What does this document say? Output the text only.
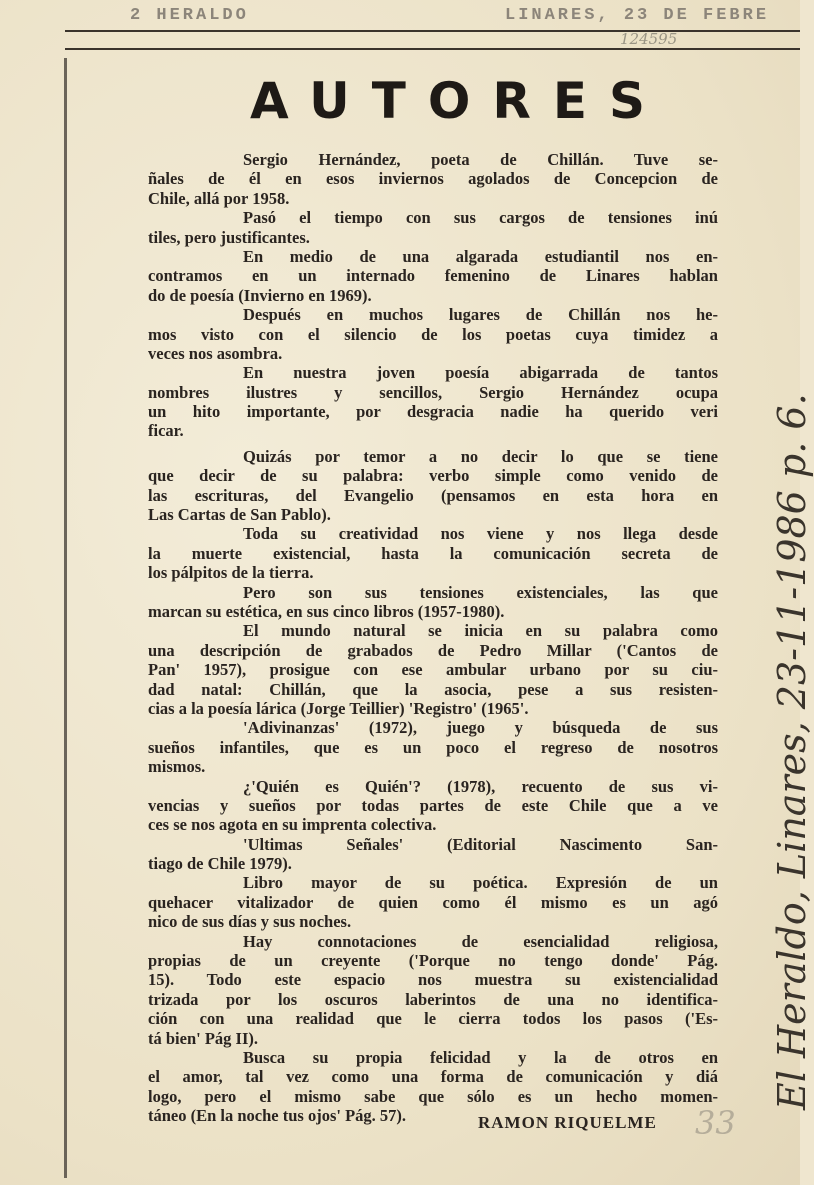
2 HERALDO	LINARES, 23 DE FEBRE
124595
AUTORES
Sergio Hernández, poeta de Chillán. Tuve se-
ñales de él en esos inviernos agolados de Concepcion de
Chile, allá por 1958.
Pasó el tiempo con sus cargos de tensiones inú
tiles, pero justificantes.
En medio de una algarada estudiantil nos en-
contramos en un internado femenino de Linares hablan
do de poesía (Invierno en 1969).
Después en muchos lugares de Chillán nos he-
mos visto con el silencio de los poetas cuya timidez a
veces nos asombra.
En nuestra joven poesía abigarrada de tantos
nombres ilustres y sencillos, Sergio Hernández ocupa
un hito importante, por desgracia nadie ha querido veri
ficar.
Quizás por temor a no decir lo que se tiene
que decir de su palabra: verbo simple como venido de
las escrituras, del Evangelio (pensamos en esta hora en
Las Cartas de San Pablo).
Toda su creatividad nos viene y nos llega desde
la muerte existencial, hasta la comunicación secreta de
los pálpitos de la tierra.
Pero son sus tensiones existenciales, las que
marcan su estética, en sus cinco libros (1957-1980).
El mundo natural se inicia en su palabra como
una descripción de grabados de Pedro Millar ('Cantos de
Pan' 1957), prosigue con ese ambular urbano por su ciu-
dad natal: Chillán, que la asocia, pese a sus resisten-
cias a la poesía lárica (Jorge Teillier) 'Registro' (1965'.
'Adivinanzas' (1972), juego y búsqueda de sus
sueños infantiles, que es un poco el regreso de nosotros
mismos.
¿'Quién es Quién'? (1978), recuento de sus vi-
vencias y sueños por todas partes de este Chile que a ve
ces se nos agota en su imprenta colectiva.
'Ultimas Señales' (Editorial Nascimento San-
tiago de Chile 1979).
Libro mayor de su poética. Expresión de un
quehacer vitalizador de quien como él mismo es un agó
nico de sus días y sus noches.
Hay connotaciones de esencialidad religiosa,
propias de un creyente ('Porque no tengo donde' Pág.
15). Todo este espacio nos muestra su existencialidad
trizada por los oscuros laberintos de una no identifica-
ción con una realidad que le cierra todos los pasos ('Es-
tá bien' Pág II).
Busca su propia felicidad y la de otros en
el amor, tal vez como una forma de comunicación y diá
logo, pero el mismo sabe que sólo es un hecho momen-
táneo (En la noche tus ojos' Pág. 57).	RAMON RIQUELME 33
El Heraldo, Linares, 23-11-1986 p. 6.
